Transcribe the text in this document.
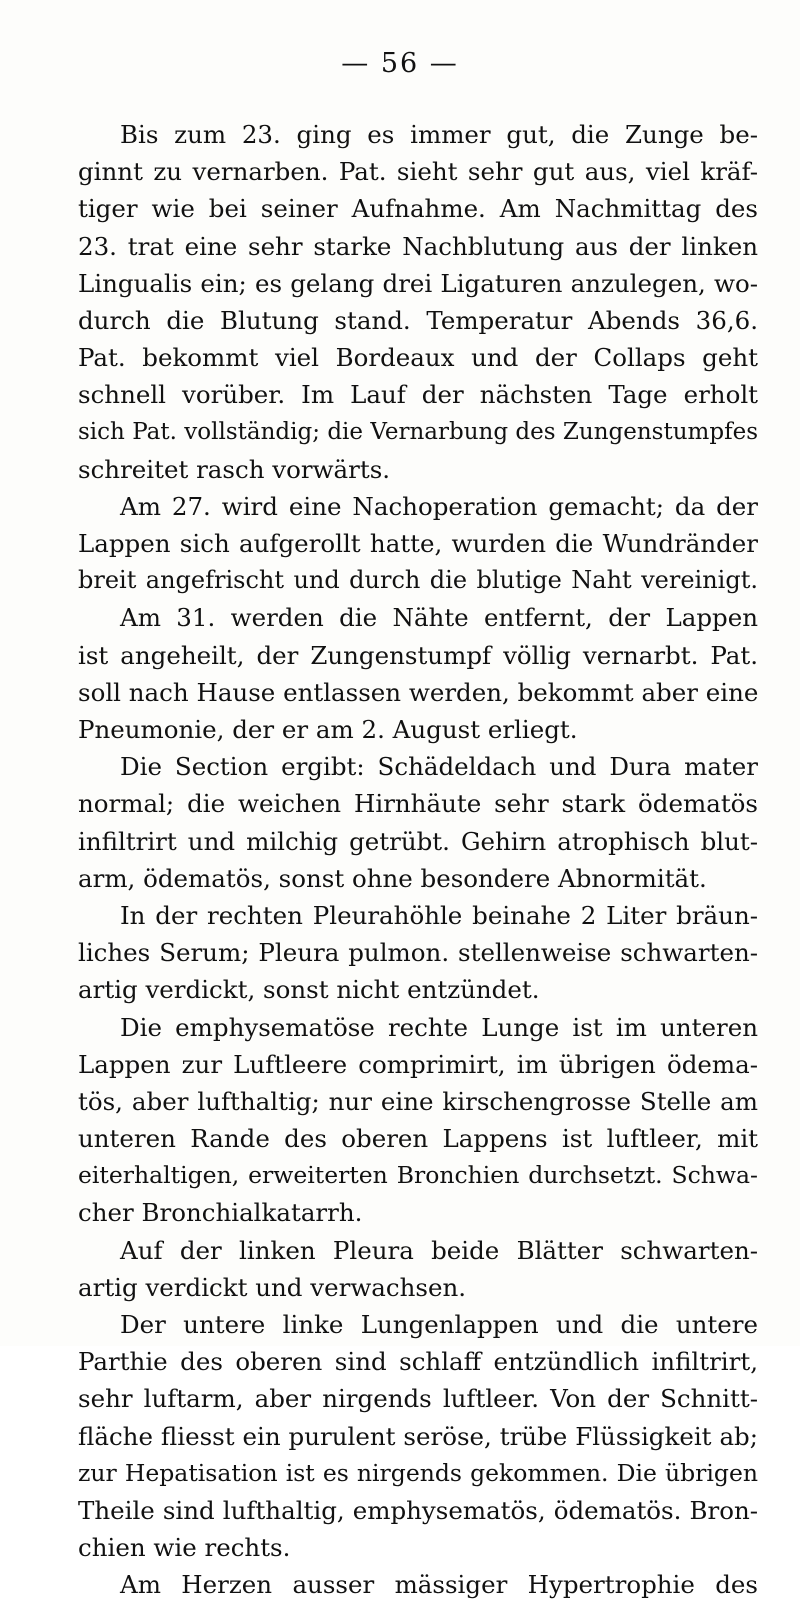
— 56 —
Bis zum 23. ging es immer gut, die Zunge be-
ginnt zu vernarben. Pat. sieht sehr gut aus, viel kräf-
tiger wie bei seiner Aufnahme. Am Nachmittag des
23. trat eine sehr starke Nachblutung aus der linken
Lingualis ein; es gelang drei Ligaturen anzulegen, wo-
durch die Blutung stand. Temperatur Abends 36,6.
Pat. bekommt viel Bordeaux und der Collaps geht
schnell vorüber. Im Lauf der nächsten Tage erholt
sich Pat. vollständig; die Vernarbung des Zungenstumpfes
schreitet rasch vorwärts.
Am 27. wird eine Nachoperation gemacht; da der
Lappen sich aufgerollt hatte, wurden die Wundränder
breit angefrischt und durch die blutige Naht vereinigt.
Am 31. werden die Nähte entfernt, der Lappen
ist angeheilt, der Zungenstumpf völlig vernarbt. Pat.
soll nach Hause entlassen werden, bekommt aber eine
Pneumonie, der er am 2. August erliegt.
Die Section ergibt: Schädeldach und Dura mater
normal; die weichen Hirnhäute sehr stark ödematös
infiltrirt und milchig getrübt. Gehirn atrophisch blut-
arm, ödematös, sonst ohne besondere Abnormität.
In der rechten Pleurahöhle beinahe 2 Liter bräun-
liches Serum; Pleura pulmon. stellenweise schwarten-
artig verdickt, sonst nicht entzündet.
Die emphysematöse rechte Lunge ist im unteren
Lappen zur Luftleere comprimirt, im übrigen ödema-
tös, aber lufthaltig; nur eine kirschengrosse Stelle am
unteren Rande des oberen Lappens ist luftleer, mit
eiterhaltigen, erweiterten Bronchien durchsetzt. Schwa-
cher Bronchialkatarrh.
Auf der linken Pleura beide Blätter schwarten-
artig verdickt und verwachsen.
Der untere linke Lungenlappen und die untere
Parthie des oberen sind schlaff entzündlich infiltrirt,
sehr luftarm, aber nirgends luftleer. Von der Schnitt-
fläche fliesst ein purulent seröse, trübe Flüssigkeit ab;
zur Hepatisation ist es nirgends gekommen. Die übrigen
Theile sind lufthaltig, emphysematös, ödematös. Bron-
chien wie rechts.
Am Herzen ausser mässiger Hypertrophie des
